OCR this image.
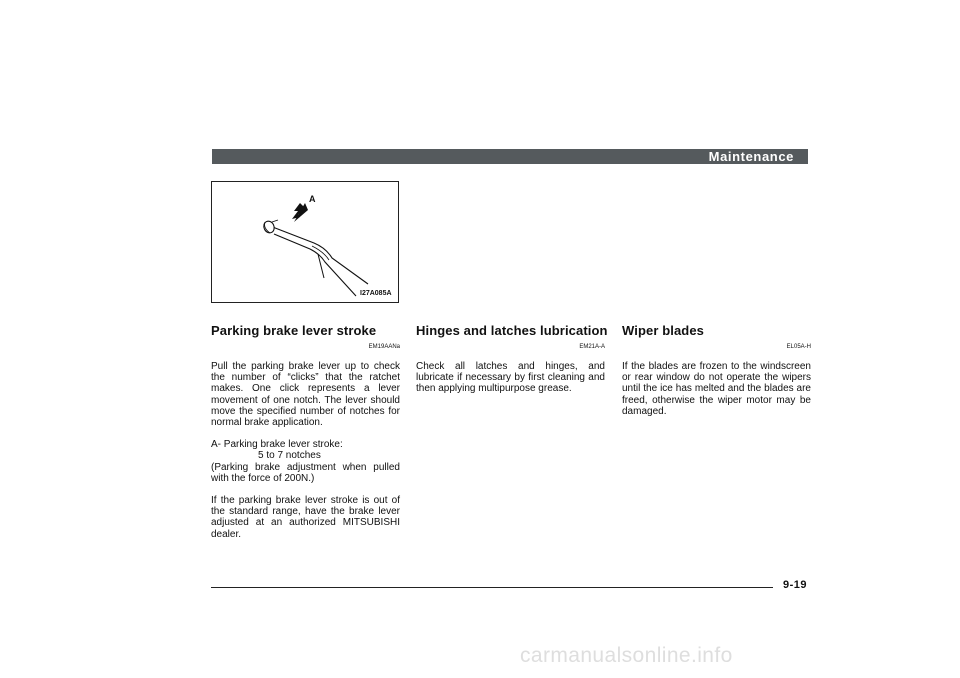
Maintenance
A
I27A085A
Parking brake lever stroke
EM19AANa

Pull the parking brake lever up to check the number of “clicks” that the ratchet makes. One click represents a lever movement of one notch. The lever should move the specified number of notches for normal brake application.

A- Parking brake lever stroke:

5 to 7 notches

(Parking brake adjustment when pulled with the force of 200N.)

If the parking brake lever stroke is out of the standard range, have the brake lever adjusted at an authorized MITSUBISHI dealer.

Hinges and latches lubrication
EM21A-A

Check all latches and hinges, and lubricate if necessary by first cleaning and then applying multipurpose grease.

Wiper blades
EL05A-H

If the blades are frozen to the windscreen or rear window do not operate the wipers until the ice has melted and the blades are freed, otherwise the wiper motor may be damaged.

9-19
carmanualsonline.info
